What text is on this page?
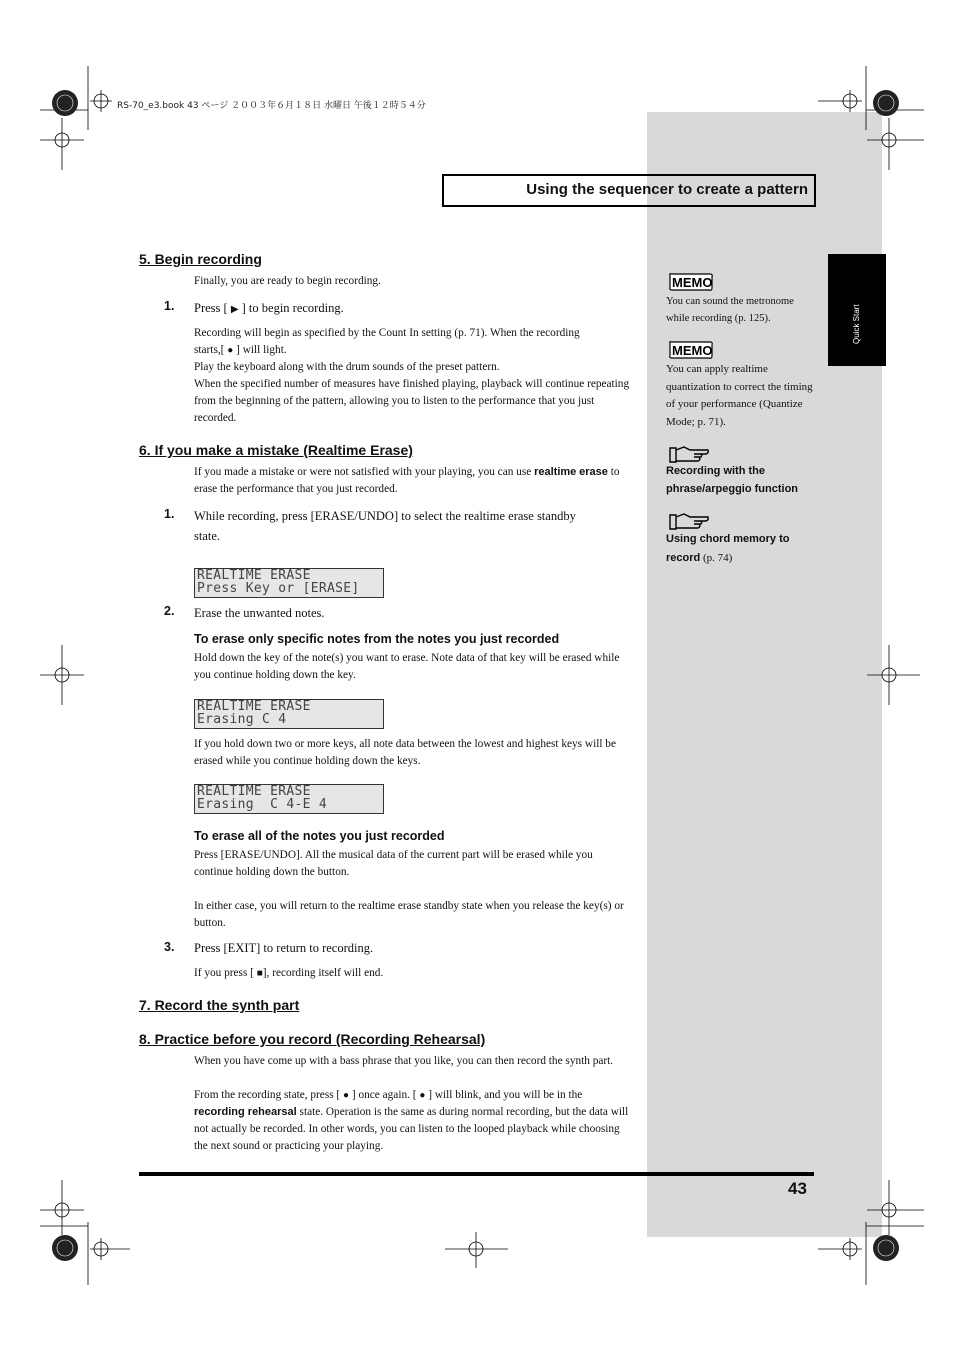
Quick Start
RS-70_e3.book 43 ページ ２００３年６月１８日 水曜日 午後１２時５４分
Using the sequencer to create a pattern
5. Begin recording
Finally, you are ready to begin recording.
1. Press [ ▶ ] to begin recording.
Recording will begin as specified by the Count In setting (p. 71). When the recording
starts,[ ● ] will light.
Play the keyboard along with the drum sounds of the preset pattern.
When the specified number of measures have finished playing, playback will continue repeating from the beginning of the pattern, allowing you to listen to the performance that you just recorded.
6. If you make a mistake (Realtime Erase)
If you made a mistake or were not satisfied with your playing, you can use realtime erase to erase the performance that you just recorded.
1. While recording, press [ERASE/UNDO] to select the realtime erase standby state.
REALTIME ERASE
Press Key or [ERASE]
2. Erase the unwanted notes.
To erase only specific notes from the notes you just recorded
Hold down the key of the note(s) you want to erase. Note data of that key will be erased while you continue holding down the key.
REALTIME ERASE
Erasing C 4
If you hold down two or more keys, all note data between the lowest and highest keys will be erased while you continue holding down the keys.
REALTIME ERASE
Erasing  C 4-E 4
To erase all of the notes you just recorded
Press [ERASE/UNDO]. All the musical data of the current part will be erased while you continue holding down the button.
In either case, you will return to the realtime erase standby state when you release the key(s) or button.
3. Press [EXIT] to return to recording.
If you press [ ■], recording itself will end.
7. Record the synth part
8. Practice before you record (Recording Rehearsal)
When you have come up with a bass phrase that you like, you can then record the synth part.
From the recording state, press [ ● ] once again. [ ● ] will blink, and you will be in the recording rehearsal state. Operation is the same as during normal recording, but the data will not actually be recorded. In other words, you can listen to the looped playback while choosing the next sound or practicing your playing.
MEMO
You can sound the metronome while recording (p. 125).
MEMO
You can apply realtime quantization to correct the timing of your performance (Quantize Mode; p. 71).
Recording with the phrase/arpeggio function
Using chord memory to record (p. 74)
43
